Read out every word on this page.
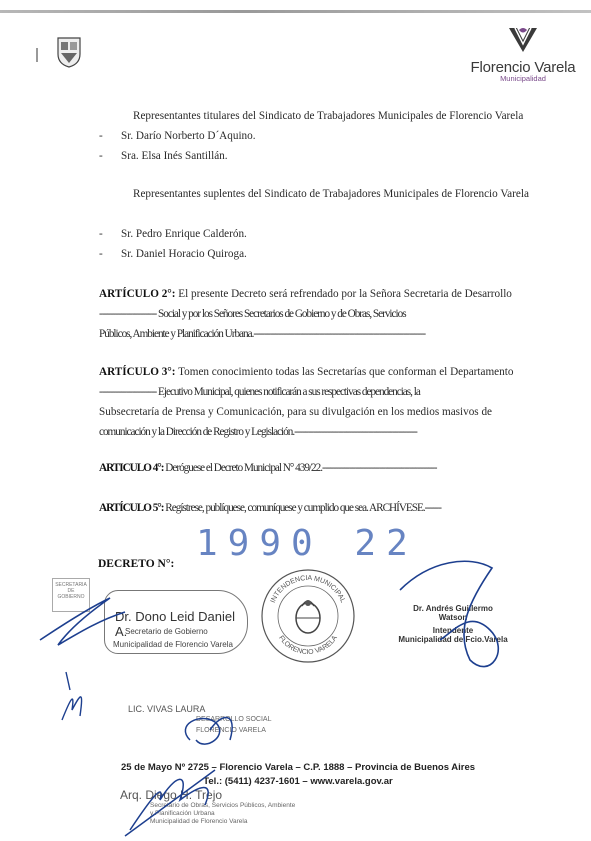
Florencio Varela
Municipalidad
Representantes titulares del Sindicato de Trabajadores Municipales de Florencio Varela
- Sr. Darío Norberto D´Aquino.
- Sra. Elsa Inés Santillán.
Representantes suplentes del Sindicato de Trabajadores Municipales de Florencio Varela
- Sr. Pedro Enrique Calderón.
- Sr. Daniel Horacio Quiroga.
ARTÍCULO 2°: El presente Decreto será refrendado por la Señora Secretaria de Desarrollo
--------------------- Social y por los Señores Secretarios de Gobierno y de Obras, Servicios
Públicos, Ambiente y Planificación Urbana.---------------------------------------------------------------
ARTÍCULO 3°: Tomen conocimiento todas las Secretarías que conforman el Departamento
--------------------- Ejecutivo Municipal, quienes notificarán a sus respectivas dependencias, la
Subsecretaría de Prensa y Comunicación, para su divulgación en los medios masivos de
comunicación y la Dirección de Registro y Legislación.---------------------------------------------
ARTICULO 4°: Deróguese el Decreto Municipal N° 439/22.------------------------------------------
ARTÍCULO 5°: Regístrese, publíquese, comuníquese y cumplido que sea. ARCHÍVESE.------
1990 22
DECRETO N°:
SECRETARIA
DE
GOBIERNO
Dr. Dono Leid Daniel A.
Secretario de Gobierno
Municipalidad de Florencio Varela
INTENDENCIA MUNICIPAL
FLORENCIO VARELA
Dr. Andrés Guillermo Watson
Intendente
Municipalidad de Fcio.Varela
LIC. VIVAS LAURA
DESARROLLO SOCIAL
FLORENCIO VARELA
25 de Mayo Nº 2725 – Florencio Varela – C.P. 1888 – Provincia de Buenos Aires
Tel.: (5411) 4237-1601 – www.varela.gov.ar
Arq. Diego H. Trejo
Secretario de Obras, Servicios Públicos, Ambiente
y Planificación Urbana
Municipalidad de Florencio Varela
